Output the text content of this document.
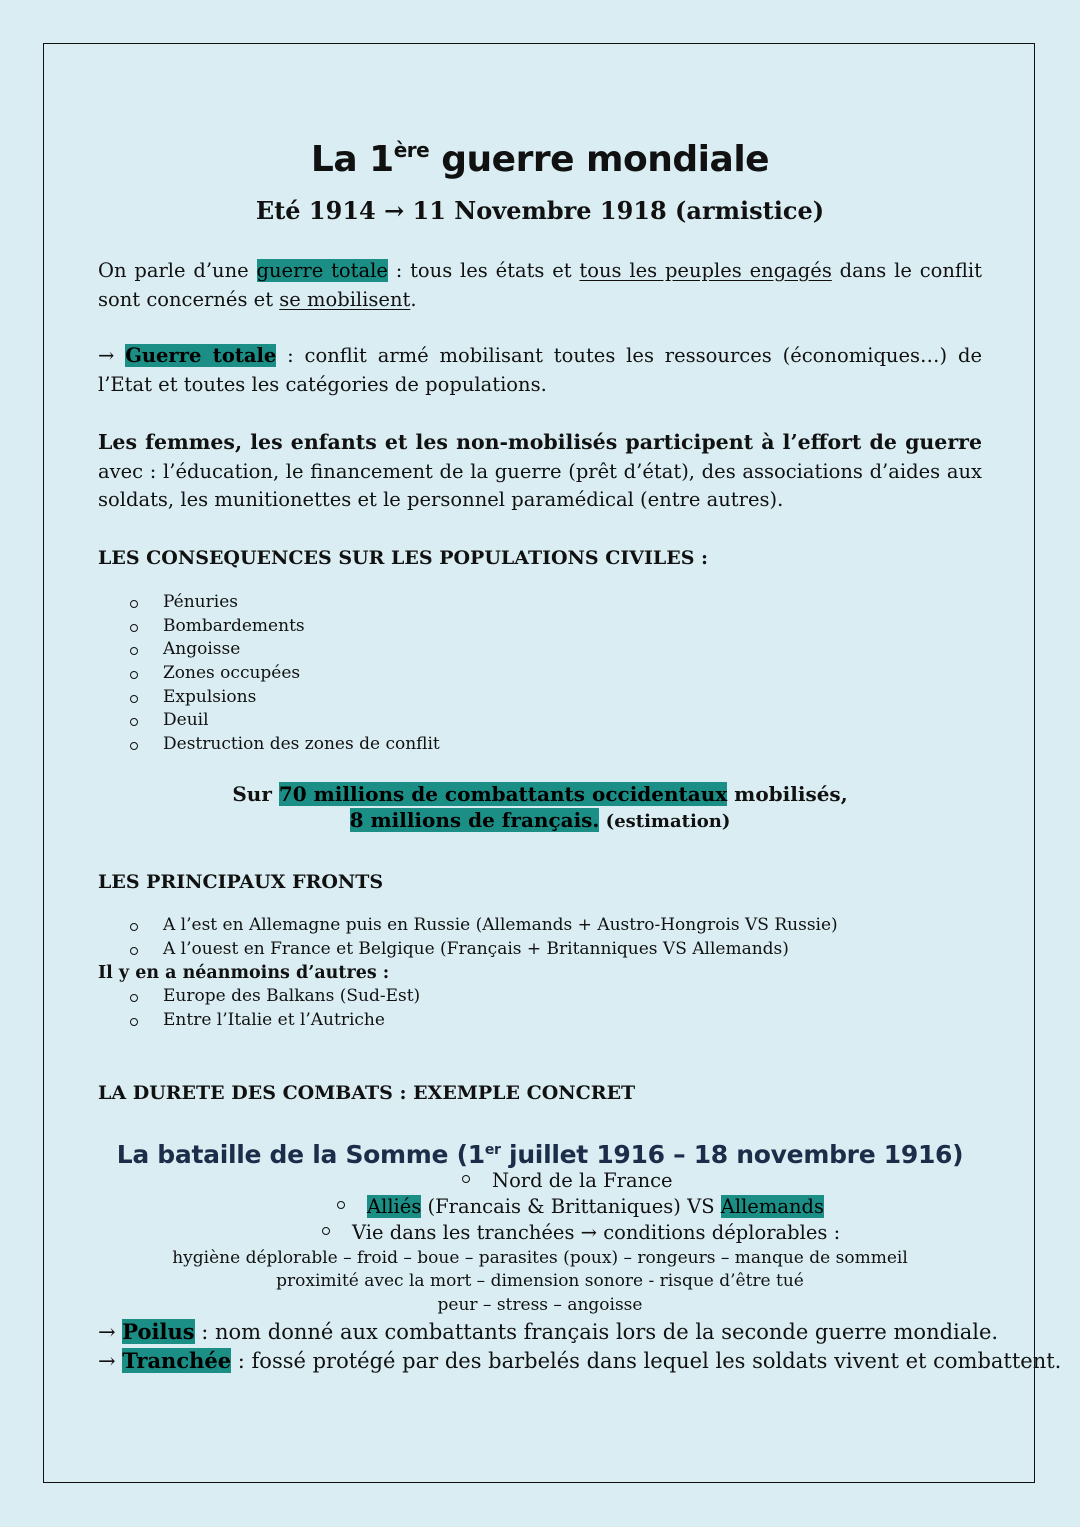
La 1ère guerre mondiale
Eté 1914 → 11 Novembre 1918 (armistice)
On parle d’une guerre totale : tous les états et tous les peuples engagés dans le conflit sont concernés et se mobilisent.
→ Guerre totale : conflit armé mobilisant toutes les ressources (économiques…) de l’Etat et toutes les catégories de populations.
Les femmes, les enfants et les non-mobilisés participent à l’effort de guerre avec : l’éducation, le financement de la guerre (prêt d’état), des associations d’aides aux soldats, les munitionettes et le personnel paramédical (entre autres).
LES CONSEQUENCES SUR LES POPULATIONS CIVILES :
Pénuries
Bombardements
Angoisse
Zones occupées
Expulsions
Deuil
Destruction des zones de conflit
Sur 70 millions de combattants occidentaux mobilisés,
8 millions de français. (estimation)
LES PRINCIPAUX FRONTS
A l’est en Allemagne puis en Russie (Allemands + Austro-Hongrois VS Russie)
A l’ouest en France et Belgique (Français + Britanniques VS Allemands)
Il y en a néanmoins d’autres :
Europe des Balkans (Sud-Est)
Entre l’Italie et l’Autriche
LA DURETE DES COMBATS : EXEMPLE CONCRET
La bataille de la Somme (1er juillet 1916 – 18 novembre 1916)
Nord de la France
Alliés (Francais & Brittaniques) VS Allemands
Vie dans les tranchées → conditions déplorables :
hygiène déplorable – froid – boue – parasites (poux) – rongeurs – manque de sommeil
proximité avec la mort – dimension sonore - risque d’être tué
peur – stress – angoisse
→ Poilus : nom donné aux combattants français lors de la seconde guerre mondiale.
→ Tranchée : fossé protégé par des barbelés dans lequel les soldats vivent et combattent.
